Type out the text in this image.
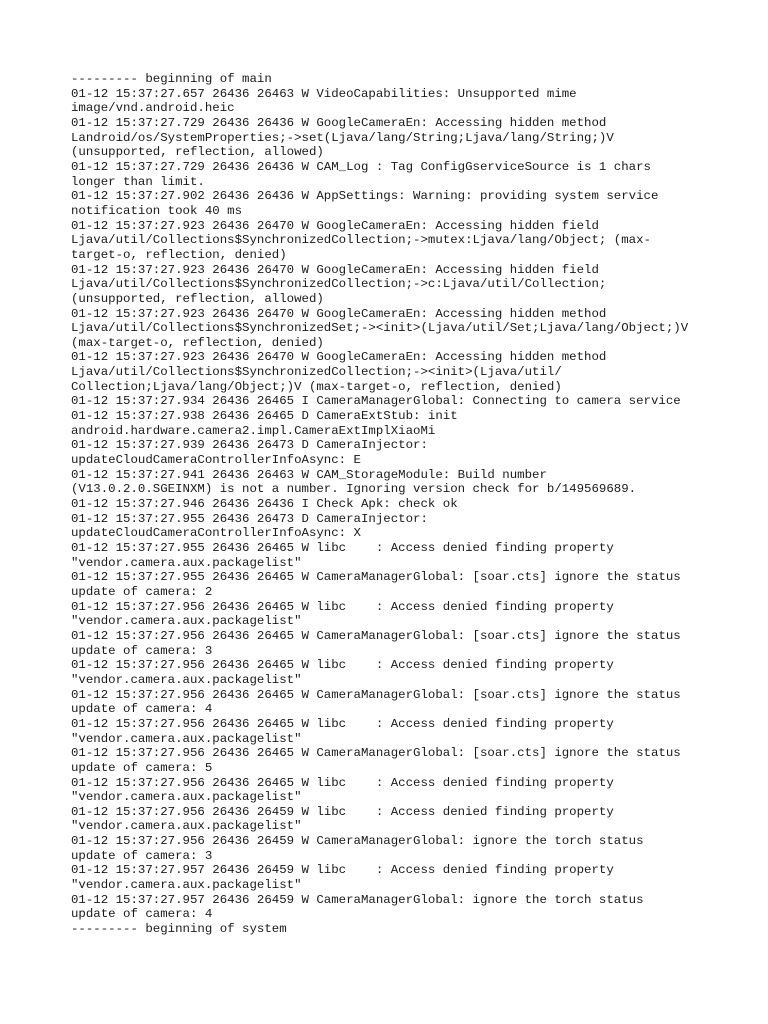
--------- beginning of main
01-12 15:37:27.657 26436 26463 W VideoCapabilities: Unsupported mime
image/vnd.android.heic
01-12 15:37:27.729 26436 26436 W GoogleCameraEn: Accessing hidden method
Landroid/os/SystemProperties;->set(Ljava/lang/String;Ljava/lang/String;)V
(unsupported, reflection, allowed)
01-12 15:37:27.729 26436 26436 W CAM_Log : Tag ConfigGserviceSource is 1 chars
longer than limit.
01-12 15:37:27.902 26436 26436 W AppSettings: Warning: providing system service
notification took 40 ms
01-12 15:37:27.923 26436 26470 W GoogleCameraEn: Accessing hidden field
Ljava/util/Collections$SynchronizedCollection;->mutex:Ljava/lang/Object; (max-
target-o, reflection, denied)
01-12 15:37:27.923 26436 26470 W GoogleCameraEn: Accessing hidden field
Ljava/util/Collections$SynchronizedCollection;->c:Ljava/util/Collection;
(unsupported, reflection, allowed)
01-12 15:37:27.923 26436 26470 W GoogleCameraEn: Accessing hidden method
Ljava/util/Collections$SynchronizedSet;-><init>(Ljava/util/Set;Ljava/lang/Object;)V
(max-target-o, reflection, denied)
01-12 15:37:27.923 26436 26470 W GoogleCameraEn: Accessing hidden method
Ljava/util/Collections$SynchronizedCollection;-><init>(Ljava/util/
Collection;Ljava/lang/Object;)V (max-target-o, reflection, denied)
01-12 15:37:27.934 26436 26465 I CameraManagerGlobal: Connecting to camera service
01-12 15:37:27.938 26436 26465 D CameraExtStub: init
android.hardware.camera2.impl.CameraExtImplXiaoMi
01-12 15:37:27.939 26436 26473 D CameraInjector:
updateCloudCameraControllerInfoAsync: E
01-12 15:37:27.941 26436 26463 W CAM_StorageModule: Build number
(V13.0.2.0.SGEINXM) is not a number. Ignoring version check for b/149569689.
01-12 15:37:27.946 26436 26436 I Check Apk: check ok
01-12 15:37:27.955 26436 26473 D CameraInjector:
updateCloudCameraControllerInfoAsync: X
01-12 15:37:27.955 26436 26465 W libc    : Access denied finding property
"vendor.camera.aux.packagelist"
01-12 15:37:27.955 26436 26465 W CameraManagerGlobal: [soar.cts] ignore the status
update of camera: 2
01-12 15:37:27.956 26436 26465 W libc    : Access denied finding property
"vendor.camera.aux.packagelist"
01-12 15:37:27.956 26436 26465 W CameraManagerGlobal: [soar.cts] ignore the status
update of camera: 3
01-12 15:37:27.956 26436 26465 W libc    : Access denied finding property
"vendor.camera.aux.packagelist"
01-12 15:37:27.956 26436 26465 W CameraManagerGlobal: [soar.cts] ignore the status
update of camera: 4
01-12 15:37:27.956 26436 26465 W libc    : Access denied finding property
"vendor.camera.aux.packagelist"
01-12 15:37:27.956 26436 26465 W CameraManagerGlobal: [soar.cts] ignore the status
update of camera: 5
01-12 15:37:27.956 26436 26465 W libc    : Access denied finding property
"vendor.camera.aux.packagelist"
01-12 15:37:27.956 26436 26459 W libc    : Access denied finding property
"vendor.camera.aux.packagelist"
01-12 15:37:27.956 26436 26459 W CameraManagerGlobal: ignore the torch status
update of camera: 3
01-12 15:37:27.957 26436 26459 W libc    : Access denied finding property
"vendor.camera.aux.packagelist"
01-12 15:37:27.957 26436 26459 W CameraManagerGlobal: ignore the torch status
update of camera: 4
--------- beginning of system
